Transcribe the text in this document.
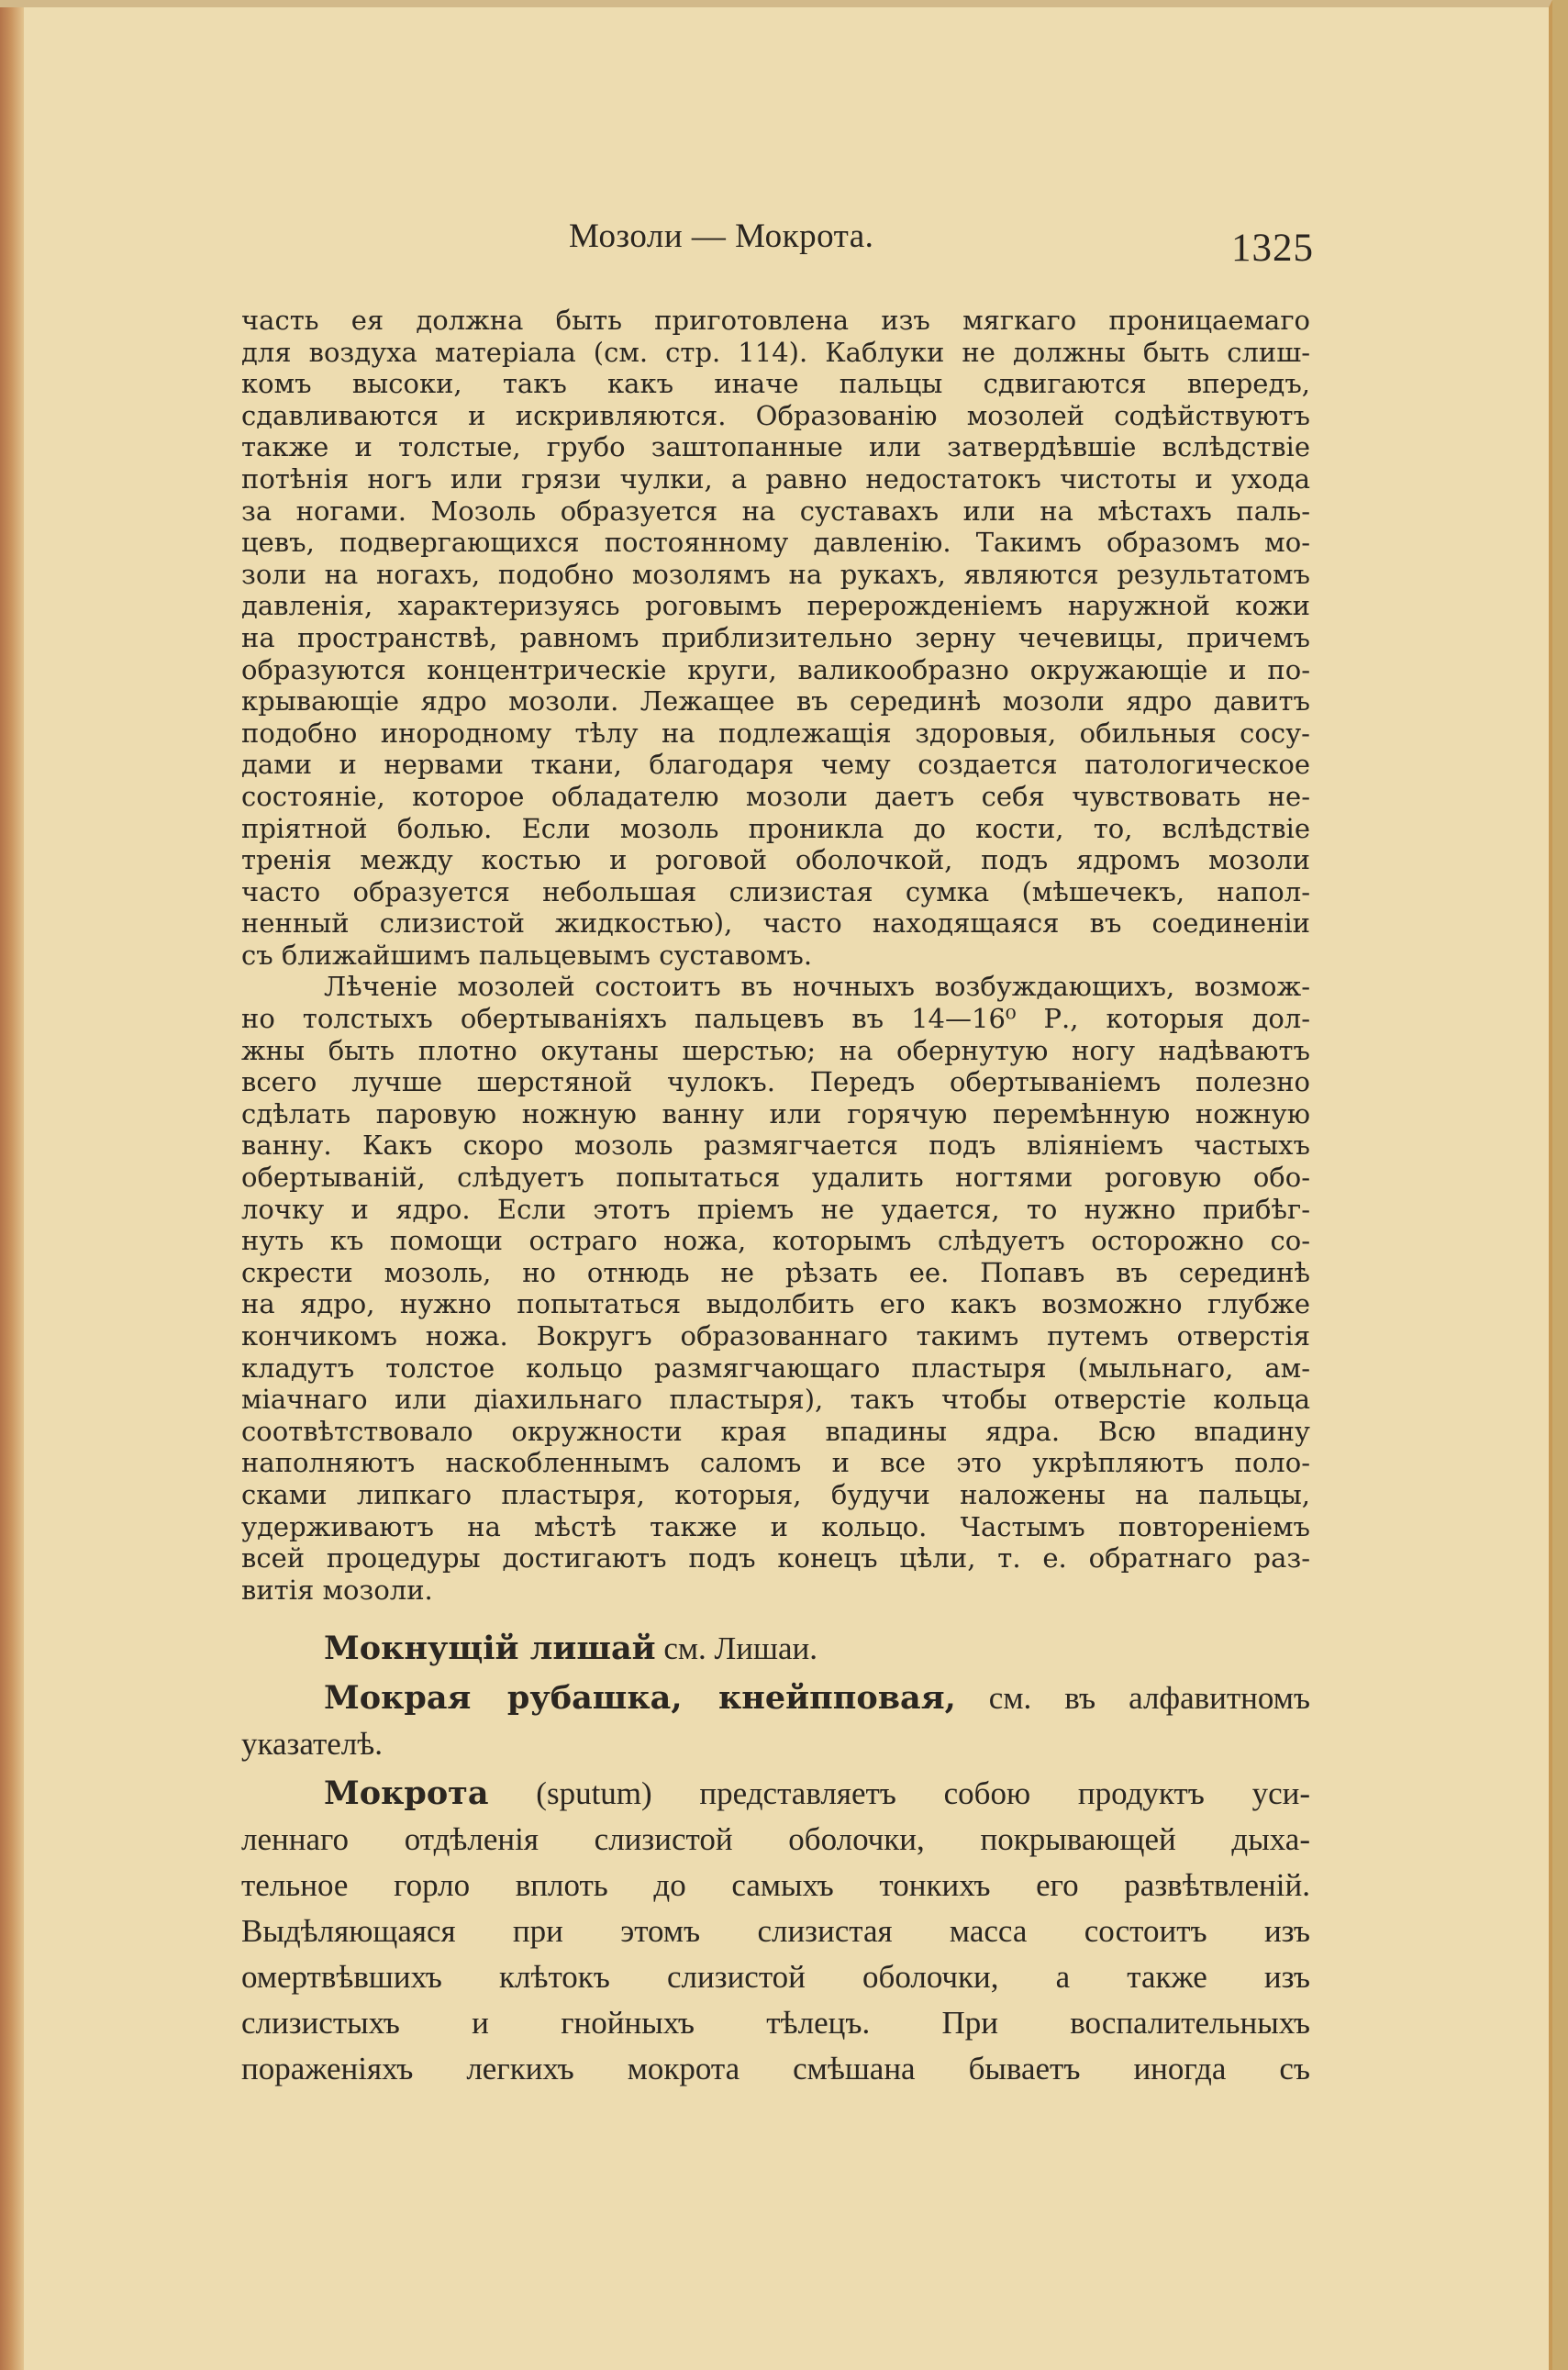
Мозоли — Мокрота.	1325
часть ея должна быть приготовлена изъ мягкаго проницаемаго
для воздуха матеріала (см. стр. 114). Каблуки не должны быть слиш-
комъ высоки, такъ какъ иначе пальцы сдвигаются впередъ,
сдавливаются и искривляются. Образованію мозолей содѣйствуютъ
также и толстые, грубо заштопанные или затвердѣвшіе вслѣдствіе
потѣнія ногъ или грязи чулки, а равно недостатокъ чистоты и ухода
за ногами. Мозоль образуется на суставахъ или на мѣстахъ паль-
цевъ, подвергающихся постоянному давленію. Такимъ образомъ мо-
золи на ногахъ, подобно мозолямъ на рукахъ, являются результатомъ
давленія, характеризуясь роговымъ перерожденіемъ наружной кожи
на пространствѣ, равномъ приблизительно зерну чечевицы, причемъ
образуются концентрическіе круги, валикообразно окружающіе и по-
крывающіе ядро мозоли. Лежащее въ серединѣ мозоли ядро давитъ
подобно инородному тѣлу на подлежащія здоровыя, обильныя сосу-
дами и нервами ткани, благодаря чему создается патологическое
состояніе, которое обладателю мозоли даетъ себя чувствовать не-
пріятной болью. Если мозоль проникла до кости, то, вслѣдствіе
тренія между костью и роговой оболочкой, подъ ядромъ мозоли
часто образуется небольшая слизистая сумка (мѣшечекъ, напол-
ненный слизистой жидкостью), часто находящаяся въ соединеніи
съ ближайшимъ пальцевымъ суставомъ.
Лѣченіе мозолей состоитъ въ ночныхъ возбуждающихъ, возмож-
но толстыхъ обертываніяхъ пальцевъ въ 14—16⁰ Р., которыя дол-
жны быть плотно окутаны шерстью; на обернутую ногу надѣваютъ
всего лучше шерстяной чулокъ. Передъ обертываніемъ полезно
сдѣлать паровую ножную ванну или горячую перемѣнную ножную
ванну. Какъ скоро мозоль размягчается подъ вліяніемъ частыхъ
обертываній, слѣдуетъ попытаться удалить ногтями роговую обо-
лочку и ядро. Если этотъ пріемъ не удается, то нужно прибѣг-
нуть къ помощи остраго ножа, которымъ слѣдуетъ осторожно со-
скрести мозоль, но отнюдь не рѣзать ее. Попавъ въ серединѣ
на ядро, нужно попытаться выдолбить его какъ возможно глубже
кончикомъ ножа. Вокругъ образованнаго такимъ путемъ отверстія
кладутъ толстое кольцо размягчающаго пластыря (мыльнаго, ам-
міачнаго или діахильнаго пластыря), такъ чтобы отверстіе кольца
соотвѣтствовало окружности края впадины ядра. Всю впадину
наполняютъ наскобленнымъ саломъ и все это укрѣпляютъ поло-
сками липкаго пластыря, которыя, будучи наложены на пальцы,
удерживаютъ на мѣстѣ также и кольцо. Частымъ повтореніемъ
всей процедуры достигаютъ подъ конецъ цѣли, т. е. обратнаго раз-
витія мозоли.
Мокнущій лишай см. Лишаи.
Мокрая рубашка, кнейпповая, см. въ алфавитномъ
указателѣ.
Мокрота (sputum) представляетъ собою продуктъ уси-
леннаго отдѣленія слизистой оболочки, покрывающей дыха-
тельное горло вплоть до самыхъ тонкихъ его развѣтвленій.
Выдѣляющаяся при этомъ слизистая масса состоитъ изъ
омертвѣвшихъ клѣтокъ слизистой оболочки, а также изъ
слизистыхъ и гнойныхъ тѣлецъ. При воспалительныхъ
пораженіяхъ легкихъ мокрота смѣшана бываетъ иногда съ
